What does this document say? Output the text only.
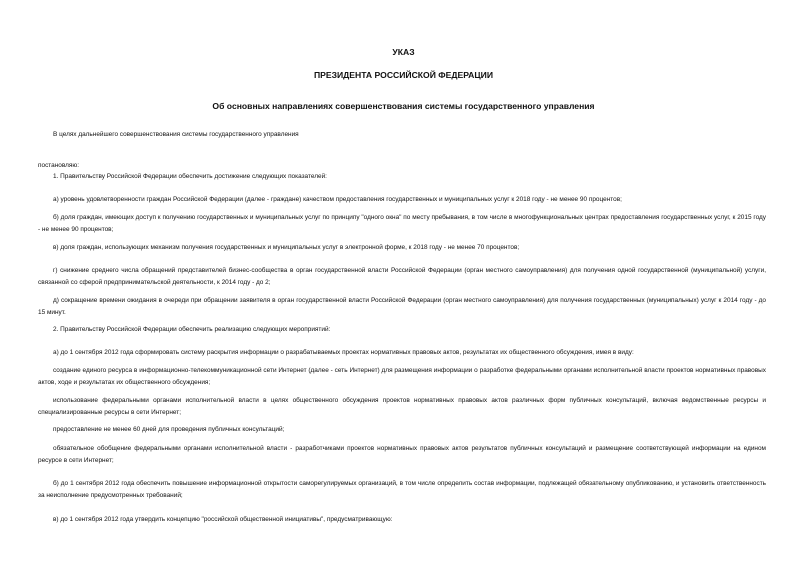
УКАЗ
ПРЕЗИДЕНТА РОССИЙСКОЙ ФЕДЕРАЦИИ
Об основных направлениях совершенствования системы государственного управления
В целях дальнейшего совершенствования системы государственного управления
постановляю:
1. Правительству Российской Федерации обеспечить достижение следующих показателей:
а) уровень удовлетворенности граждан Российской Федерации (далее - граждане) качеством предоставления государственных и муниципальных услуг к 2018 году - не менее 90 процентов;
б) доля граждан, имеющих доступ к получению государственных и муниципальных услуг по принципу "одного окна" по месту пребывания, в том числе в многофункциональных центрах предоставления государственных услуг, к 2015 году - не менее 90 процентов;
в) доля граждан, использующих механизм получения государственных и муниципальных услуг в электронной форме, к 2018 году - не менее 70 процентов;
г) снижение среднего числа обращений представителей бизнес-сообщества в орган государственной власти Российской Федерации (орган местного самоуправления) для получения одной государственной (муниципальной) услуги, связанной со сферой предпринимательской деятельности, к 2014 году - до 2;
д) сокращение времени ожидания в очереди при обращении заявителя в орган государственной власти Российской Федерации (орган местного самоуправления) для получения государственных (муниципальных) услуг к 2014 году - до 15 минут.
2. Правительству Российской Федерации обеспечить реализацию следующих мероприятий:
а) до 1 сентября 2012 года сформировать систему раскрытия информации о разрабатываемых проектах нормативных правовых актов, результатах их общественного обсуждения, имея в виду:
создание единого ресурса в информационно-телекоммуникационной сети Интернет (далее - сеть Интернет) для размещения информации о разработке федеральными органами исполнительной власти проектов нормативных правовых актов, ходе и результатах их общественного обсуждения;
использование федеральными органами исполнительной власти в целях общественного обсуждения проектов нормативных правовых актов различных форм публичных консультаций, включая ведомственные ресурсы и специализированные ресурсы в сети Интернет;
предоставление не менее 60 дней для проведения публичных консультаций;
обязательное обобщение федеральными органами исполнительной власти - разработчиками проектов нормативных правовых актов результатов публичных консультаций и размещение соответствующей информации на едином ресурсе в сети Интернет;
б) до 1 сентября 2012 года обеспечить повышение информационной открытости саморегулируемых организаций, в том числе определить состав информации, подлежащей обязательному опубликованию, и установить ответственность за неисполнение предусмотренных требований;
в) до 1 сентября 2012 года утвердить концепцию "российской общественной инициативы", предусматривающую:
